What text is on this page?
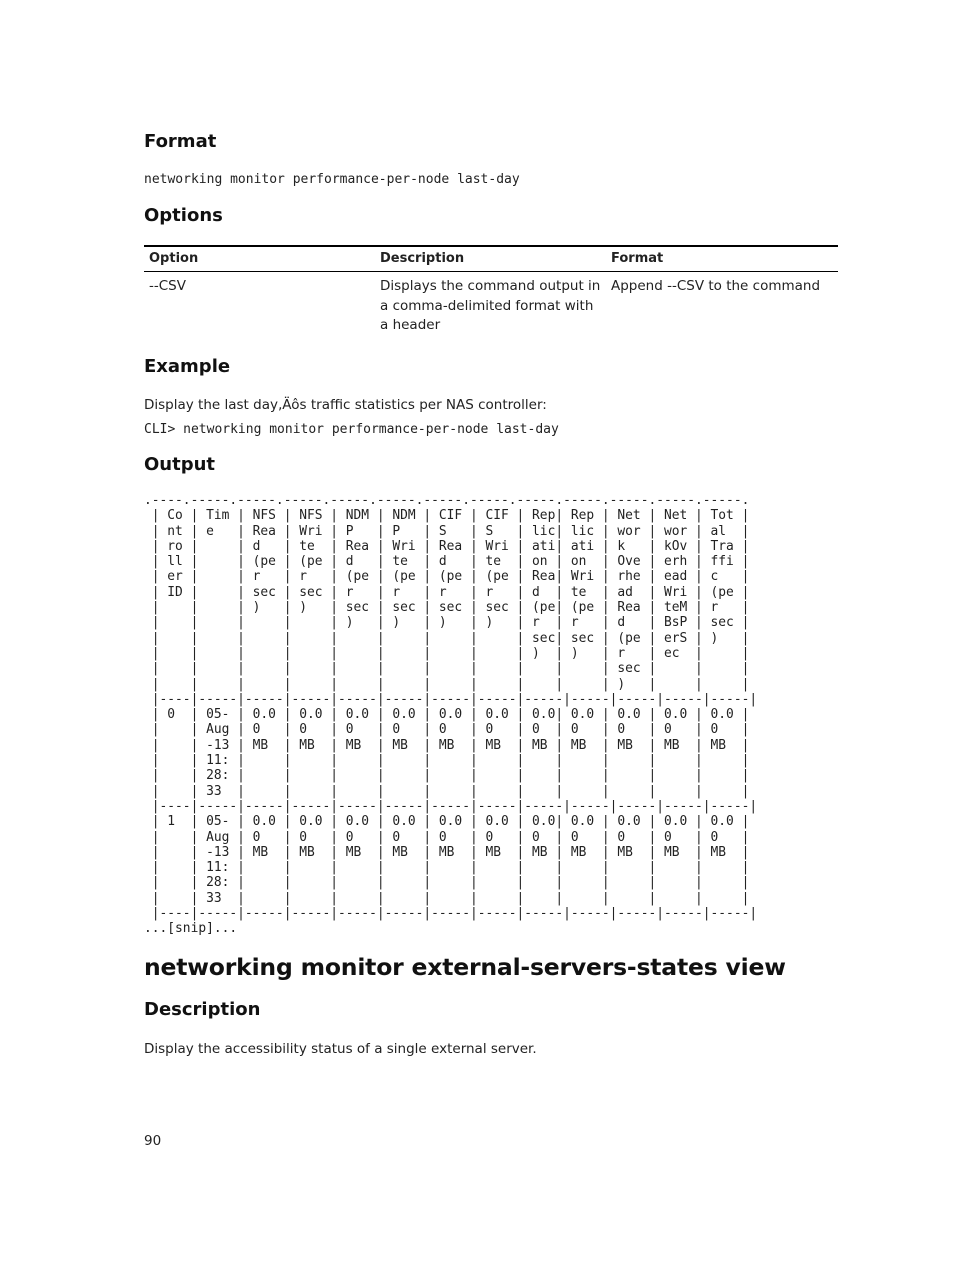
Format
networking monitor performance-per-node last-day
Options
Option	Description	Format
--CSV	Displays the command output in a comma-delimited format with a header	Append --CSV to the command
Example

Display the last day‚Äôs traffic statistics per NAS controller:

CLI> networking monitor performance-per-node last-day
Output
.----.-----.-----.-----.-----.-----.-----.-----.-----.-----.-----.-----.-----.
| Co | Tim | NFS | NFS | NDM | NDM | CIF | CIF | Rep| Rep | Net | Net | Tot |
| nt | e   | Rea | Wri | P   | P   | S   | S   | lic| lic | wor | wor | al  |
| ro |     | d   | te  | Rea | Wri | Rea | Wri | ati| ati | k   | kOv | Tra |
| ll |     | (pe | (pe | d   | te  | d   | te  | on | on  | Ove | erh | ffi |
| er |     | r   | r   | (pe | (pe | (pe | (pe | Rea| Wri | rhe | ead | c   |
| ID |     | sec | sec | r   | r   | r   | r   | d  | te  | ad  | Wri | (pe |
|    |     | )   | )   | sec | sec | sec | sec | (pe| (pe | Rea | teM | r   |
|    |     |     |     | )   | )   | )   | )   | r  | r   | d   | BsP | sec |
|    |     |     |     |     |     |     |     | sec| sec | (pe | erS | )   |
|    |     |     |     |     |     |     |     | )  | )   | r   | ec  |     |
|    |     |     |     |     |     |     |     |    |     | sec |     |     |
|    |     |     |     |     |     |     |     |    |     | )   |     |     |
|----|-----|-----|-----|-----|-----|-----|-----|-----|-----|-----|-----|-----|
| 0  | 05- | 0.0 | 0.0 | 0.0 | 0.0 | 0.0 | 0.0 | 0.0| 0.0 | 0.0 | 0.0 | 0.0 |
|    | Aug | 0   | 0   | 0   | 0   | 0   | 0   | 0  | 0   | 0   | 0   | 0   |
|    | -13 | MB  | MB  | MB  | MB  | MB  | MB  | MB | MB  | MB  | MB  | MB  |
|    | 11: |     |     |     |     |     |     |    |     |     |     |     |
|    | 28: |     |     |     |     |     |     |    |     |     |     |     |
|    | 33  |     |     |     |     |     |     |    |     |     |     |     |
|----|-----|-----|-----|-----|-----|-----|-----|-----|-----|-----|-----|-----|
| 1  | 05- | 0.0 | 0.0 | 0.0 | 0.0 | 0.0 | 0.0 | 0.0| 0.0 | 0.0 | 0.0 | 0.0 |
|    | Aug | 0   | 0   | 0   | 0   | 0   | 0   | 0  | 0   | 0   | 0   | 0   |
|    | -13 | MB  | MB  | MB  | MB  | MB  | MB  | MB | MB  | MB  | MB  | MB  |
|    | 11: |     |     |     |     |     |     |    |     |     |     |     |
|    | 28: |     |     |     |     |     |     |    |     |     |     |     |
|    | 33  |     |     |     |     |     |     |    |     |     |     |     |
|----|-----|-----|-----|-----|-----|-----|-----|-----|-----|-----|-----|-----|
...[snip]...
networking monitor external-servers-states view
Description

Display the accessibility status of a single external server.

90
